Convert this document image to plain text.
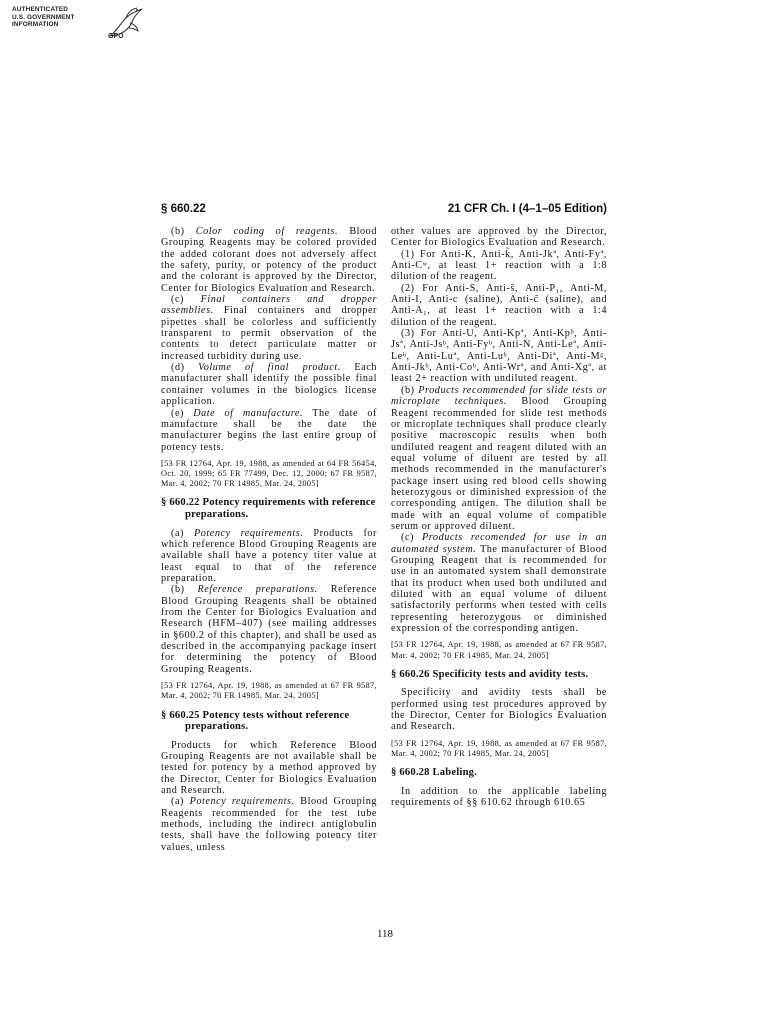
AUTHENTICATED
U.S. GOVERNMENT
INFORMATION
GPO
§ 660.22	21 CFR Ch. I (4–1–05 Edition)

(b) Color coding of reagents. Blood Grouping Reagents may be colored provided the added colorant does not adversely affect the safety, purity, or potency of the product and the colorant is approved by the Director, Center for Biologics Evaluation and Research.

(c) Final containers and dropper assemblies. Final containers and dropper pipettes shall be colorless and sufficiently transparent to permit observation of the contents to detect particulate matter or increased turbidity during use.

(d) Volume of final product. Each manufacturer shall identify the possible final container volumes in the biologics license application.

(e) Date of manufacture. The date of manufacture shall be the date the manufacturer begins the last entire group of potency tests.

[53 FR 12764, Apr. 19, 1988, as amended at 64 FR 56454, Oct. 20, 1999; 65 FR 77499, Dec. 12, 2000; 67 FR 9587, Mar. 4, 2002; 70 FR 14985, Mar. 24, 2005]

§ 660.22 Potency requirements with reference preparations.

(a) Potency requirements. Products for which reference Blood Grouping Reagents are available shall have a potency titer value at least equal to that of the reference preparation.

(b) Reference preparations. Reference Blood Grouping Reagents shall be obtained from the Center for Biologics Evaluation and Research (HFM–407) (see mailing addresses in §600.2 of this chapter), and shall be used as described in the accompanying package insert for determining the potency of Blood Grouping Reagents.

[53 FR 12764, Apr. 19, 1988, as amended at 67 FR 9587, Mar. 4, 2002; 70 FR 14985, Mar. 24, 2005]

§ 660.25 Potency tests without reference preparations.

Products for which Reference Blood Grouping Reagents are not available shall be tested for potency by a method approved by the Director, Center for Biologics Evaluation and Research.

(a) Potency requirements. Blood Grouping Reagents recommended for the test tube methods, including the indirect antiglobulin tests, shall have the following potency titer values, unless

other values are approved by the Director, Center for Biologics Evaluation and Research.

(1) For Anti-K, Anti-k̃, Anti-Jkª, Anti-Fyª, Anti-Cʷ, at least 1+ reaction with a 1:8 dilution of the reagent.

(2) For Anti-S, Anti-s̃, Anti-P₁, Anti-M, Anti-I, Anti-c (saline), Anti-c̃ (saline), and Anti-A₁, at least 1+ reaction with a 1:4 dilution of the reagent.

(3) For Anti-U, Anti-Kpª, Anti-Kpᵇ, Anti-Jsª, Anti-Jsᵇ, Anti-Fyᵇ, Anti-N, Anti-Leª, Anti-Leᵇ, Anti-Luª, Anti-Luᵇ, Anti-Diª, Anti-Mᵍ, Anti-Jkᵇ, Anti-Coᵇ, Anti-Wrª, and Anti-Xgª, at least 2+ reaction with undiluted reagent.

(b) Products recommended for slide tests or microplate techniques. Blood Grouping Reagent recommended for slide test methods or microplate techniques shall produce clearly positive macroscopic results when both undiluted reagent and reagent diluted with an equal volume of diluent are tested by all methods recommended in the manufacturer's package insert using red blood cells showing heterozygous or diminished expression of the corresponding antigen. The dilution shall be made with an equal volume of compatible serum or approved diluent.

(c) Products recomended for use in an automated system. The manufacturer of Blood Grouping Reagent that is recommended for use in an automated system shall demonstrate that its product when used both undiluted and diluted with an equal volume of diluent satisfactorily performs when tested with cells representing heterozygous or diminished expression of the corresponding antigen.

[53 FR 12764, Apr. 19, 1988, as amended at 67 FR 9587, Mar. 4, 2002; 70 FR 14985, Mar. 24, 2005]

§ 660.26 Specificity tests and avidity tests.

Specificity and avidity tests shall be performed using test procedures approved by the Director, Center for Biologics Evaluation and Research.

[53 FR 12764, Apr. 19, 1988, as amended at 67 FR 9587, Mar. 4, 2002; 70 FR 14985, Mar. 24, 2005]

§ 660.28 Labeling.

In addition to the applicable labeling requirements of §§ 610.62 through 610.65

118
